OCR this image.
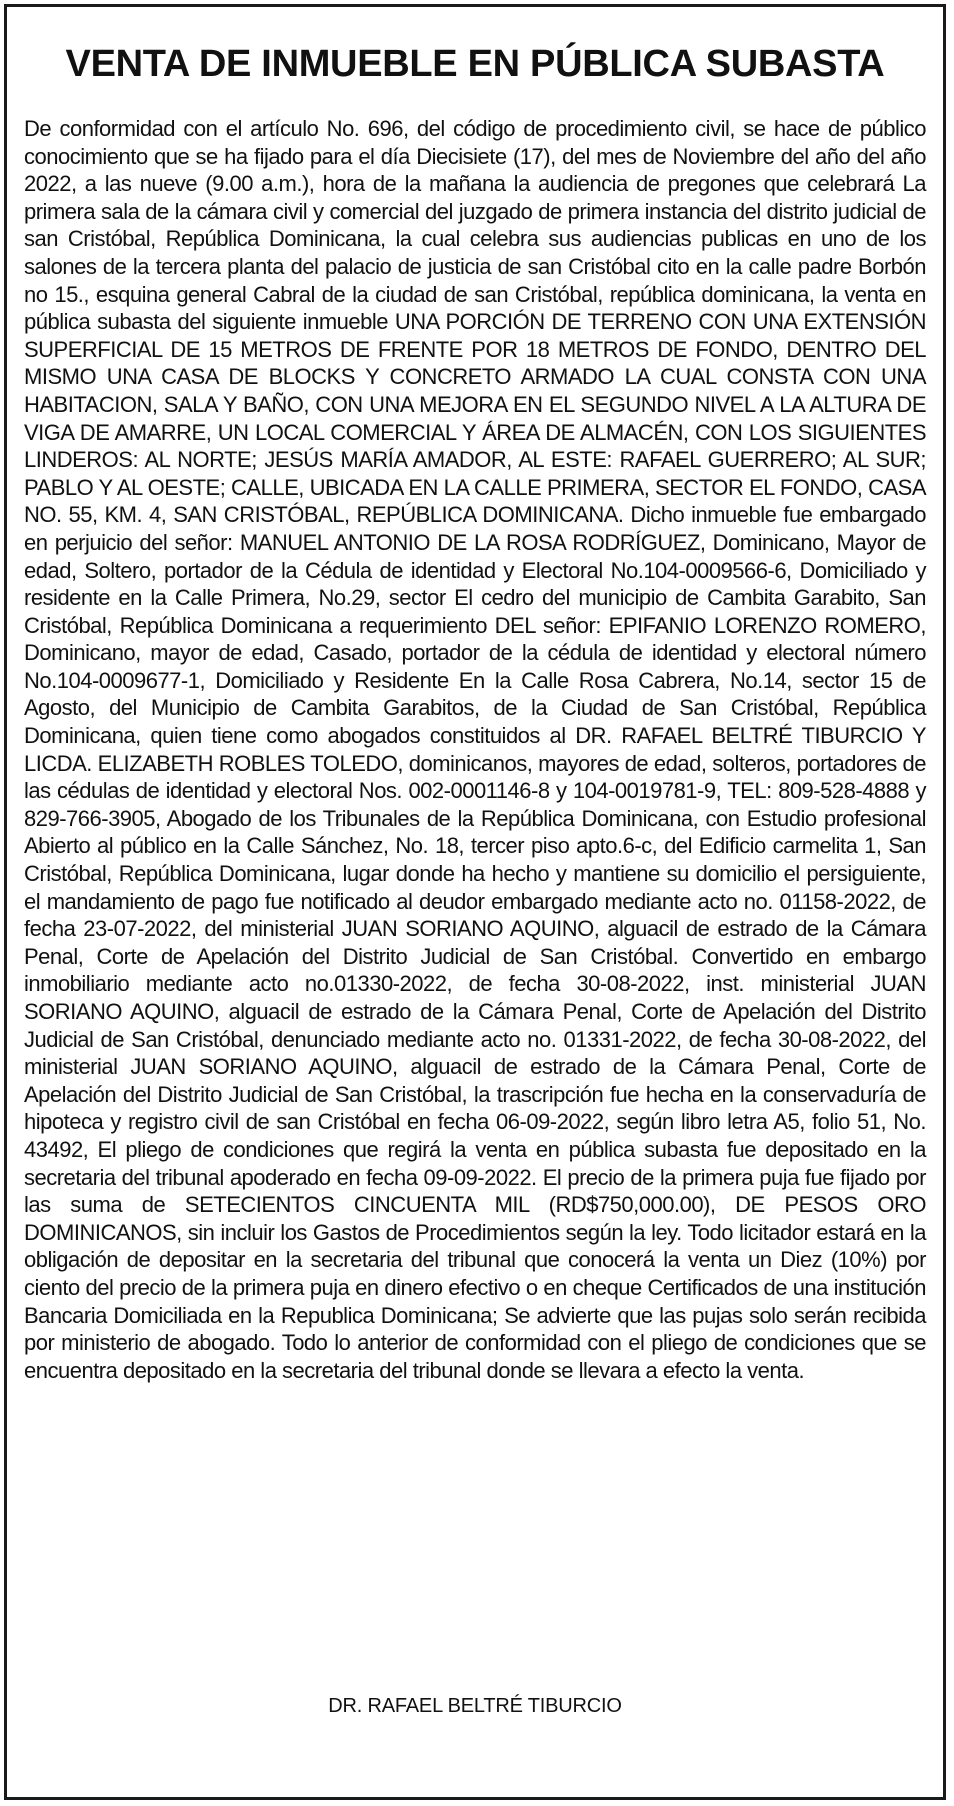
VENTA DE INMUEBLE EN PÚBLICA SUBASTA

De conformidad con el artículo No. 696, del código de procedimiento civil, se hace de público conocimiento que se ha fijado para el día Diecisiete (17), del mes de Noviembre del año del año 2022, a las nueve (9.00 a.m.), hora de la mañana la audiencia de pregones que celebrará La primera sala de la cámara civil y comercial del juzgado de primera instancia del distrito judicial de san Cristóbal, República Dominicana, la cual celebra sus audiencias publicas en uno de los salones de la tercera planta del palacio de justicia de san Cristóbal cito en la calle padre Borbón no 15., esquina general Cabral de la ciudad de san Cristóbal, república dominicana, la venta en pública subasta del siguiente inmueble UNA PORCIÓN DE TERRENO CON UNA EXTENSIÓN SUPERFICIAL DE 15 METROS DE FRENTE POR 18 METROS DE FONDO, DENTRO DEL MISMO UNA CASA DE BLOCKS Y CONCRETO ARMADO LA CUAL CONSTA CON UNA HABITACION, SALA Y BAÑO, CON UNA MEJORA EN EL SEGUNDO NIVEL A LA ALTURA DE VIGA DE AMARRE, UN LOCAL COMERCIAL Y ÁREA DE ALMACÉN, CON LOS SIGUIENTES LINDEROS: AL NORTE; JESÚS MARÍA AMADOR, AL ESTE: RAFAEL GUERRERO; AL SUR; PABLO Y AL OESTE; CALLE, UBICADA EN LA CALLE PRIMERA, SECTOR EL FONDO, CASA NO. 55, KM. 4, SAN CRISTÓBAL, REPÚBLICA DOMINICANA. Dicho inmueble fue embargado en perjuicio del señor: MANUEL ANTONIO DE LA ROSA RODRÍGUEZ, Dominicano, Mayor de edad, Soltero, portador de la Cédula de identidad y Electoral No.104-0009566-6, Domiciliado y residente en la Calle Primera, No.29, sector El cedro del municipio de Cambita Garabito, San Cristóbal, República Dominicana a requerimiento DEL señor: EPIFANIO LORENZO ROMERO, Dominicano, mayor de edad, Casado, portador de la cédula de identidad y electoral número No.104-0009677-1, Domiciliado y Residente En la Calle Rosa Cabrera, No.14, sector 15 de Agosto, del Municipio de Cambita Garabitos, de la Ciudad de San Cristóbal, República Dominicana, quien tiene como abogados constituidos al DR. RAFAEL BELTRÉ TIBURCIO Y LICDA. ELIZABETH ROBLES TOLEDO, dominicanos, mayores de edad, solteros, portadores de las cédulas de identidad y electoral Nos. 002-0001146-8 y 104-0019781-9, TEL: 809-528-4888 y 829-766-3905, Abogado de los Tribunales de la República Dominicana, con Estudio profesional Abierto al público en la Calle Sánchez, No. 18, tercer piso apto.6-c, del Edificio carmelita 1, San Cristóbal, República Dominicana, lugar donde ha hecho y mantiene su domicilio el persiguiente, el mandamiento de pago fue notificado al deudor embargado mediante acto no. 01158-2022, de fecha 23-07-2022, del ministerial JUAN SORIANO AQUINO, alguacil de estrado de la Cámara Penal, Corte de Apelación del Distrito Judicial de San Cristóbal. Convertido en embargo inmobiliario mediante acto no.01330-2022, de fecha 30-08-2022, inst. ministerial JUAN SORIANO AQUINO, alguacil de estrado de la Cámara Penal, Corte de Apelación del Distrito Judicial de San Cristóbal, denunciado mediante acto no. 01331-2022, de fecha 30-08-2022, del ministerial JUAN SORIANO AQUINO, alguacil de estrado de la Cámara Penal, Corte de Apelación del Distrito Judicial de San Cristóbal, la trascripción fue hecha en la conservaduría de hipoteca y registro civil de san Cristóbal en fecha 06-09-2022, según libro letra A5, folio 51, No. 43492, El pliego de condiciones que regirá la venta en pública subasta fue depositado en la secretaria del tribunal apoderado en fecha 09-09-2022. El precio de la primera puja fue fijado por las suma de SETECIENTOS CINCUENTA MIL (RD$750,000.00), DE PESOS ORO DOMINICANOS, sin incluir los Gastos de Procedimientos según la ley. Todo licitador estará en la obligación de depositar en la secretaria del tribunal que conocerá la venta un Diez (10%) por ciento del precio de la primera puja en dinero efectivo o en cheque Certificados de una institución Bancaria Domiciliada en la Republica Dominicana; Se advierte que las pujas solo serán recibida por ministerio de abogado. Todo lo anterior de conformidad con el pliego de condiciones que se encuentra depositado en la secretaria del tribunal donde se llevara a efecto la venta.

DR. RAFAEL BELTRÉ TIBURCIO
